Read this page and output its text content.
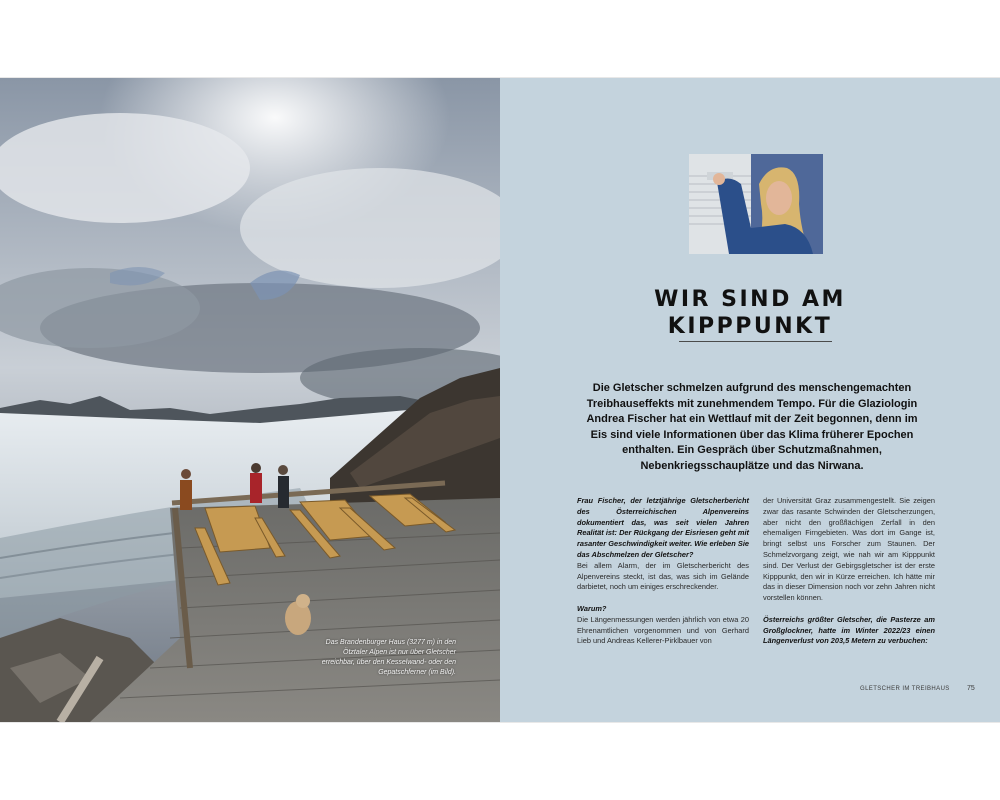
Das Brandenburger Haus (3277 m) in den Ötztaler Alpen ist nur über Gletscher erreichbar, über den Kesselwand- oder den Gepatschferner (im Bild).
WIR SIND AM
KIPPPUNKT

Die Gletscher schmelzen aufgrund des menschengemachten Treibhauseffekts mit zunehmendem Tempo. Für die Glaziologin Andrea Fischer hat ein Wettlauf mit der Zeit begonnen, denn im Eis sind viele Informationen über das Klima früherer Epochen enthalten. Ein Gespräch über Schutzmaßnahmen, Nebenkriegsschauplätze und das Nirwana.

Frau Fischer, der letztjährige Gletscherbericht des Österreichischen Alpenvereins dokumentiert das, was seit vielen Jahren Realität ist: Der Rückgang der Eisriesen geht mit rasanter Geschwindigkeit weiter. Wie erleben Sie das Abschmelzen der Gletscher?

Bei allem Alarm, der im Gletscherbericht des Alpenvereins steckt, ist das, was sich im Gelände darbietet, noch um einiges erschreckender.

Warum?

Die Längenmessungen werden jährlich von etwa 20 Ehrenamtlichen vorgenommen und von Gerhard Lieb und Andreas Kellerer-Pirklbauer von

der Universität Graz zusammengestellt. Sie zeigen zwar das rasante Schwinden der Gletscherzungen, aber nicht den großflächigen Zerfall in den ehemaligen Firngebieten. Was dort im Gange ist, bringt selbst uns Forscher zum Staunen. Der Schmelzvorgang zeigt, wie nah wir am Kipppunkt sind. Der Verlust der Gebirgsgletscher ist der erste Kipppunkt, den wir in Kürze erreichen. Ich hätte mir das in dieser Dimension noch vor zehn Jahren nicht vorstellen können.

Österreichs größter Gletscher, die Pasterze am Großglockner, hatte im Winter 2022/23 einen Längenverlust von 203,5 Metern zu verbuchen:

GLETSCHER IM TREIBHAUS 75
